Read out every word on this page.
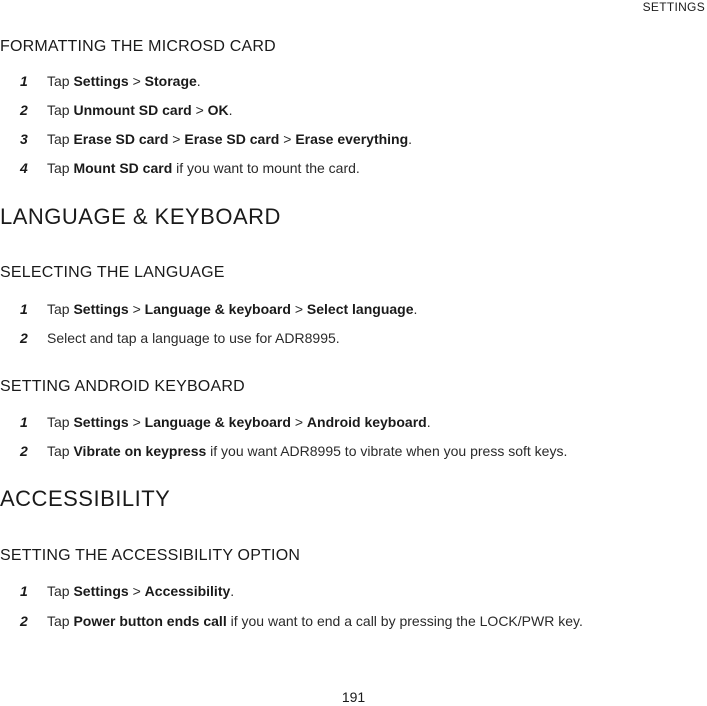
SETTINGS
FORMATTING THE MICROSD CARD
1	Tap Settings > Storage.
2	Tap Unmount SD card > OK.
3	Tap Erase SD card > Erase SD card > Erase everything.
4	Tap Mount SD card if you want to mount the card.
LANGUAGE & KEYBOARD
SELECTING THE LANGUAGE
1	Tap Settings > Language & keyboard > Select language.
2	Select and tap a language to use for ADR8995.
SETTING ANDROID KEYBOARD
1	Tap Settings > Language & keyboard > Android keyboard.
2	Tap Vibrate on keypress if you want ADR8995 to vibrate when you press soft keys.
ACCESSIBILITY
SETTING THE ACCESSIBILITY OPTION
1	Tap Settings > Accessibility.
2	Tap Power button ends call if you want to end a call by pressing the LOCK/PWR key.
191
